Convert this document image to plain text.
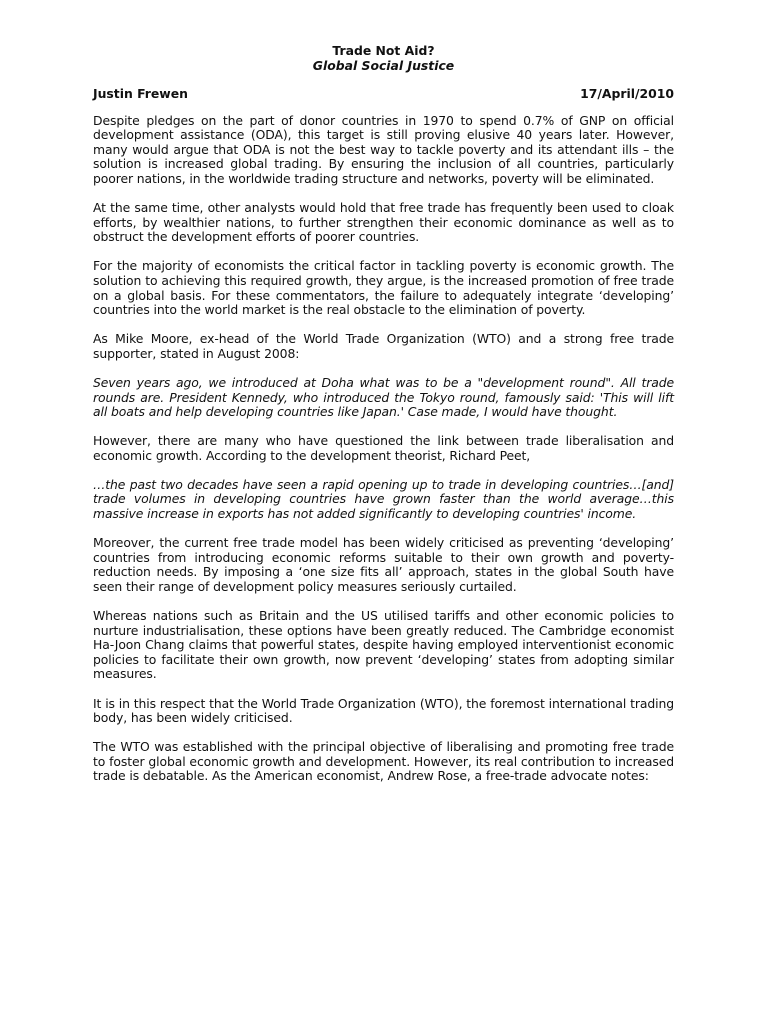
Trade Not Aid?
Global Social Justice
Justin Frewen	17/April/2010

Despite pledges on the part of donor countries in 1970 to spend 0.7% of GNP on official development assistance (ODA), this target is still proving elusive 40 years later. However, many would argue that ODA is not the best way to tackle poverty and its attendant ills – the solution is increased global trading. By ensuring the inclusion of all countries, particularly poorer nations, in the worldwide trading structure and networks, poverty will be eliminated.

At the same time, other analysts would hold that free trade has frequently been used to cloak efforts, by wealthier nations, to further strengthen their economic dominance as well as to obstruct the development efforts of poorer countries.

For the majority of economists the critical factor in tackling poverty is economic growth. The solution to achieving this required growth, they argue, is the increased promotion of free trade on a global basis. For these commentators, the failure to adequately integrate ‘developing’ countries into the world market is the real obstacle to the elimination of poverty.

As Mike Moore, ex-head of the World Trade Organization (WTO) and a strong free trade supporter, stated in August 2008:

Seven years ago, we introduced at Doha what was to be a "development round". All trade rounds are. President Kennedy, who introduced the Tokyo round, famously said: 'This will lift all boats and help developing countries like Japan.' Case made, I would have thought.

However, there are many who have questioned the link between trade liberalisation and economic growth. According to the development theorist, Richard Peet,

…the past two decades have seen a rapid opening up to trade in developing countries…[and] trade volumes in developing countries have grown faster than the world average…this massive increase in exports has not added significantly to developing countries' income.

Moreover, the current free trade model has been widely criticised as preventing ‘developing’ countries from introducing economic reforms suitable to their own growth and poverty-reduction needs. By imposing a ‘one size fits all’ approach, states in the global South have seen their range of development policy measures seriously curtailed.

Whereas nations such as Britain and the US utilised tariffs and other economic policies to nurture industrialisation, these options have been greatly reduced. The Cambridge economist Ha-Joon Chang claims that powerful states, despite having employed interventionist economic policies to facilitate their own growth, now prevent ‘developing’ states from adopting similar measures.

It is in this respect that the World Trade Organization (WTO), the foremost international trading body, has been widely criticised.

The WTO was established with the principal objective of liberalising and promoting free trade to foster global economic growth and development. However, its real contribution to increased trade is debatable. As the American economist, Andrew Rose, a free-trade advocate notes:
